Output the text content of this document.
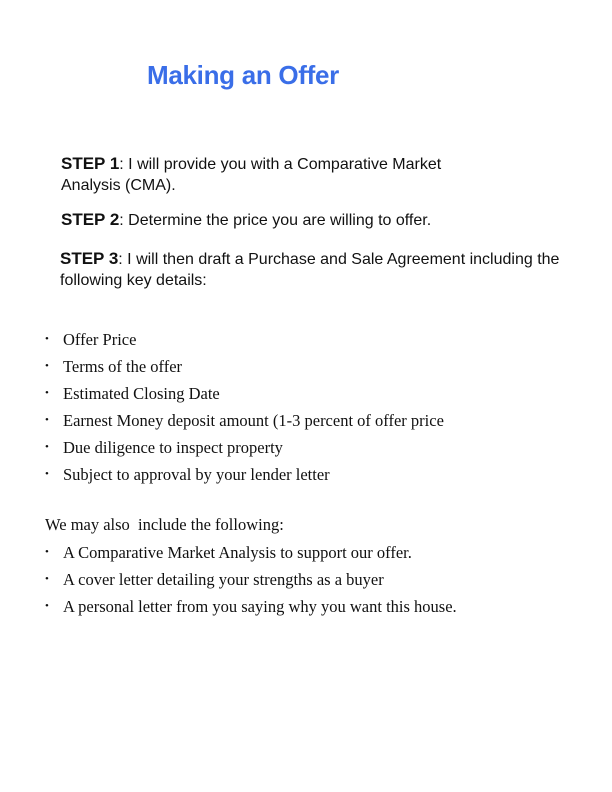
Making an Offer

STEP 1: I will provide you with a Comparative Market Analysis (CMA).

STEP 2: Determine the price you are willing to offer.

STEP 3: I will then draft a Purchase and Sale Agreement including the following key details:

• Offer Price
• Terms of the offer
• Estimated Closing Date
• Earnest Money deposit amount (1-3 percent of offer price
• Due diligence to inspect property
• Subject to approval by your lender letter

We may also  include the following:

• A Comparative Market Analysis to support our offer.
• A cover letter detailing your strengths as a buyer
• A personal letter from you saying why you want this house.
